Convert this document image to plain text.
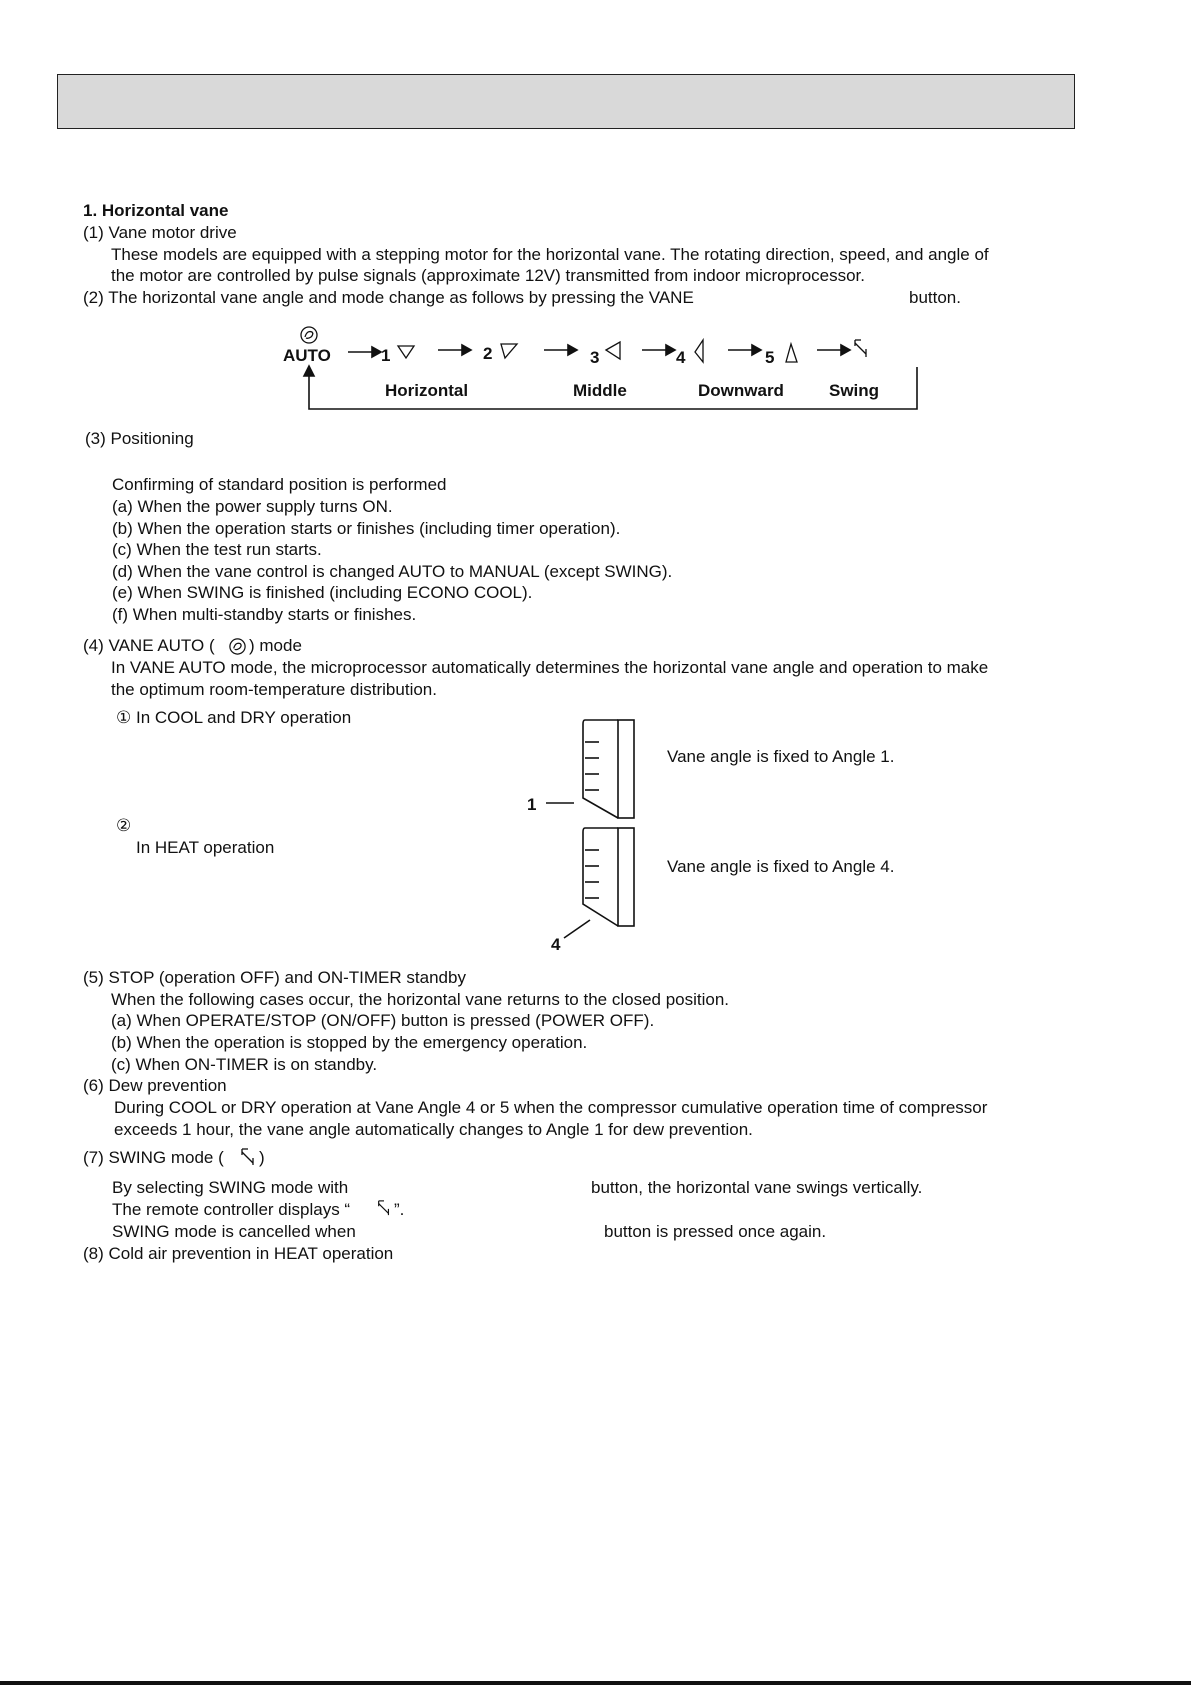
1. Horizontal vane
(1) Vane motor drive
These models are equipped with a stepping motor for the horizontal vane. The rotating direction, speed, and angle of
the motor are controlled by pulse signals (approximate 12V) transmitted from indoor microprocessor.
(2) The horizontal vane angle and mode change as follows by pressing the VANE	button.
AUTO	1	2	3	4	5
Horizontal	Middle	Downward	Swing
(3) Positioning
Confirming of standard position is performed
(a) When the power supply turns ON.
(b) When the operation starts or finishes (including timer operation).
(c) When the test run starts.
(d) When the vane control is changed AUTO to MANUAL (except SWING).
(e) When SWING is finished (including ECONO COOL).
(f) When multi-standby starts or finishes.
(4) VANE AUTO ( ) mode
In VANE AUTO mode, the microprocessor automatically determines the horizontal vane angle and operation to make
the optimum room-temperature distribution.
① In COOL and DRY operation
1
Vane angle is fixed to Angle 1.
②
In HEAT operation
4
Vane angle is fixed to Angle 4.
(5) STOP (operation OFF) and ON-TIMER standby
When the following cases occur, the horizontal vane returns to the closed position.
(a) When OPERATE/STOP (ON/OFF) button is pressed (POWER OFF).
(b) When the operation is stopped by the emergency operation.
(c) When ON-TIMER is on standby.
(6) Dew prevention
During COOL or DRY operation at Vane Angle 4 or 5 when the compressor cumulative operation time of compressor
exceeds 1 hour, the vane angle automatically changes to Angle 1 for dew prevention.
(7) SWING mode ( )
By selecting SWING mode with	button, the horizontal vane swings vertically.
The remote controller displays “	”.
SWING mode is cancelled when	button is pressed once again.
(8) Cold air prevention in HEAT operation
